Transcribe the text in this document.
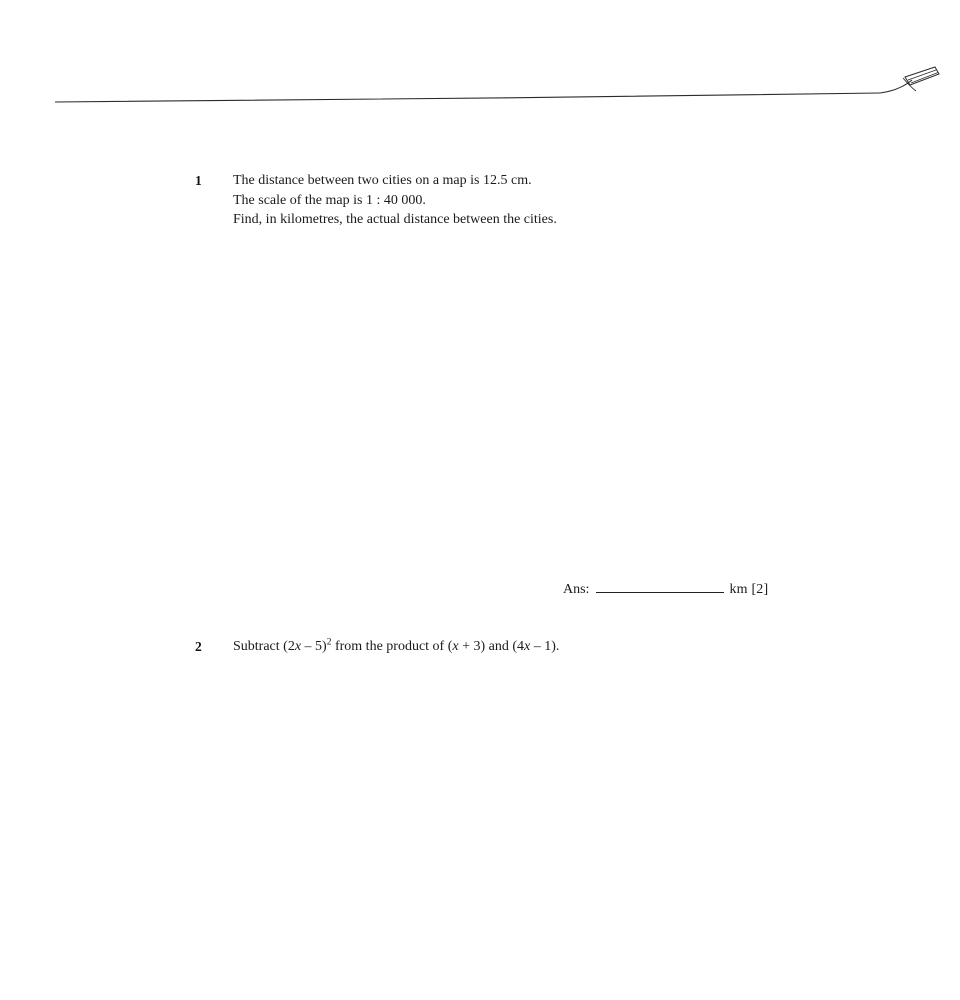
1	The distance between two cities on a map is 12.5 cm.
The scale of the map is 1 : 40 000.
Find, in kilometres, the actual distance between the cities.
Ans:	km [2]
2	Subtract (2x – 5)$^2$ from the product of (x + 3) and (4x – 1).
